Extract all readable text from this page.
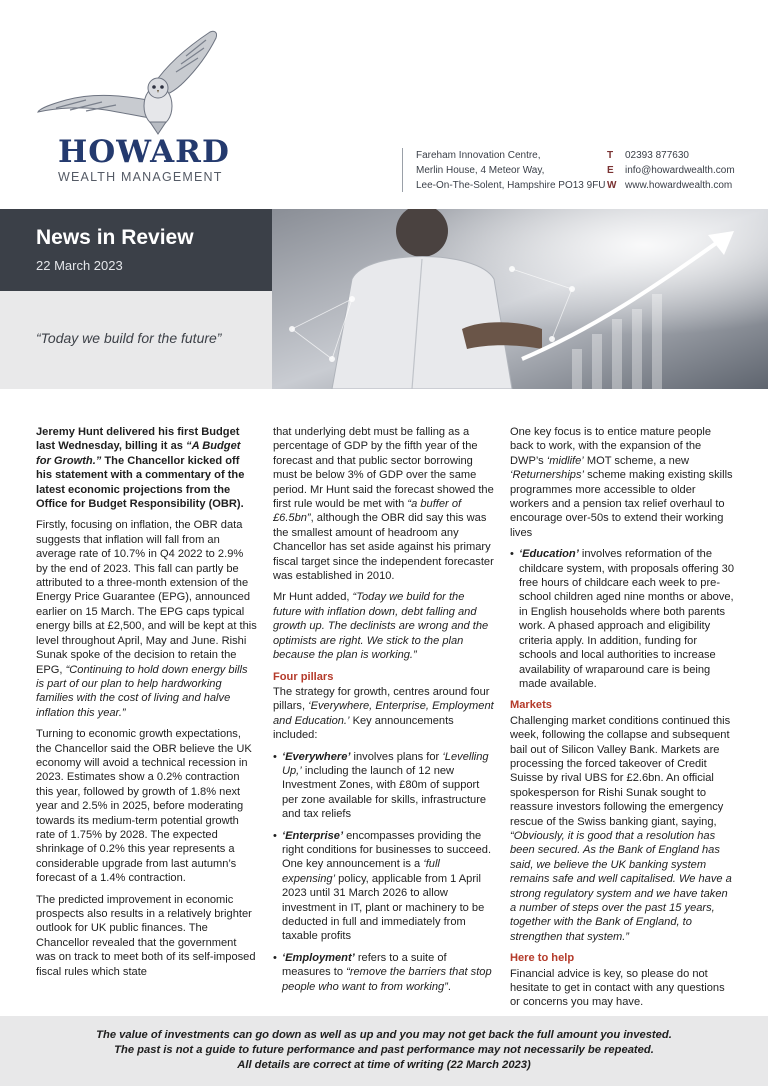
HOWARD
WEALTH MANAGEMENT
Fareham Innovation Centre,
Merlin House, 4 Meteor Way,
Lee-On-The-Solent, Hampshire PO13 9FU
T
E
W
02393 877630
info@howardwealth.com
www.howardwealth.com
News in Review
22 March 2023
“Today we build for the future”

Jeremy Hunt delivered his first Budget last Wednesday, billing it as “A Budget for Growth.” The Chancellor kicked off his statement with a commentary of the latest economic projections from the Office for Budget Responsibility (OBR).

Firstly, focusing on inflation, the OBR data suggests that inflation will fall from an average rate of 10.7% in Q4 2022 to 2.9% by the end of 2023. This fall can partly be attributed to a three-month extension of the Energy Price Guarantee (EPG), announced earlier on 15 March. The EPG caps typical energy bills at £2,500, and will be kept at this level throughout April, May and June. Rishi Sunak spoke of the decision to retain the EPG, “Continuing to hold down energy bills is part of our plan to help hardworking families with the cost of living and halve inflation this year.”

Turning to economic growth expectations, the Chancellor said the OBR believe the UK economy will avoid a technical recession in 2023. Estimates show a 0.2% contraction this year, followed by growth of 1.8% next year and 2.5% in 2025, before moderating towards its medium-term potential growth rate of 1.75% by 2028. The expected shrinkage of 0.2% this year represents a considerable upgrade from last autumn’s forecast of a 1.4% contraction.

The predicted improvement in economic prospects also results in a relatively brighter outlook for UK public finances. The Chancellor revealed that the government was on track to meet both of its self-imposed fiscal rules which state

that underlying debt must be falling as a percentage of GDP by the fifth year of the forecast and that public sector borrowing must be below 3% of GDP over the same period. Mr Hunt said the forecast showed the first rule would be met with “a buffer of £6.5bn”, although the OBR did say this was the smallest amount of headroom any Chancellor has set aside against his primary fiscal target since the independent forecaster was established in 2010.

Mr Hunt added, “Today we build for the future with inflation down, debt falling and growth up. The declinists are wrong and the optimists are right. We stick to the plan because the plan is working.”

Four pillars

The strategy for growth, centres around four pillars, ‘Everywhere, Enterprise, Employment and Education.’ Key announcements included:

• ‘Everywhere’ involves plans for ‘Levelling Up,’ including the launch of 12 new Investment Zones, with £80m of support per zone available for skills, infrastructure and tax reliefs
• ‘Enterprise’ encompasses providing the right conditions for businesses to succeed. One key announcement is a ‘full expensing’ policy, applicable from 1 April 2023 until 31 March 2026 to allow investment in IT, plant or machinery to be deducted in full and immediately from taxable profits
• ‘Employment’ refers to a suite of measures to “remove the barriers that stop people who want to from working”.

One key focus is to entice mature people back to work, with the expansion of the DWP’s ‘midlife’ MOT scheme, a new ‘Returnerships’ scheme making existing skills programmes more accessible to older workers and a pension tax relief overhaul to encourage over-50s to extend their working lives

• ‘Education’ involves reformation of the childcare system, with proposals offering 30 free hours of childcare each week to pre-school children aged nine months or above, in English households where both parents work. A phased approach and eligibility criteria apply. In addition, funding for schools and local authorities to increase availability of wraparound care is being made available.
Markets

Challenging market conditions continued this week, following the collapse and subsequent bail out of Silicon Valley Bank. Markets are processing the forced takeover of Credit Suisse by rival UBS for £2.6bn. An official spokesperson for Rishi Sunak sought to reassure investors following the emergency rescue of the Swiss banking giant, saying, “Obviously, it is good that a resolution has been secured. As the Bank of England has said, we believe the UK banking system remains safe and well capitalised. We have a strong regulatory system and we have taken a number of steps over the past 15 years, together with the Bank of England, to strengthen that system.”

Here to help

Financial advice is key, so please do not hesitate to get in contact with any questions or concerns you may have.

The value of investments can go down as well as up and you may not get back the full amount you invested.
The past is not a guide to future performance and past performance may not necessarily be repeated.
All details are correct at time of writing (22 March 2023)
